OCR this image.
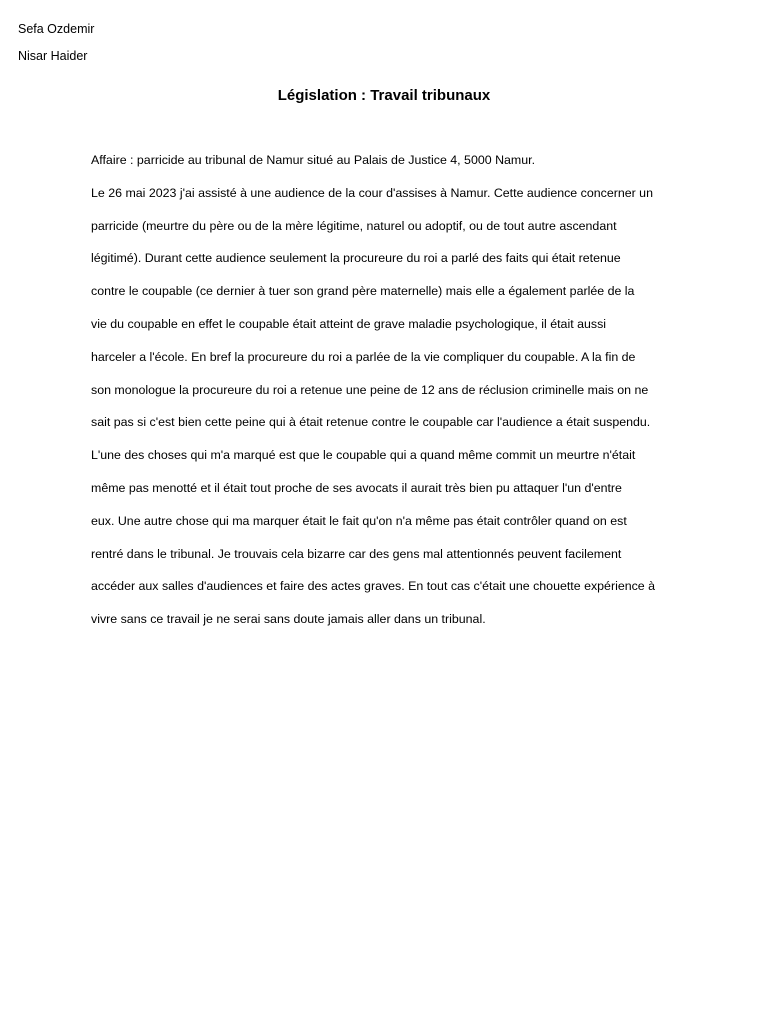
Sefa Ozdemir
Nisar Haider
Législation : Travail tribunaux
Affaire : parricide au tribunal de Namur situé au Palais de Justice 4, 5000 Namur.
Le 26 mai 2023 j'ai assisté à une audience de la cour d'assises à Namur. Cette audience concerner un
parricide (meurtre du père ou de la mère légitime, naturel ou adoptif, ou de tout autre ascendant
légitimé). Durant cette audience seulement la procureure du roi a parlé des faits qui était retenue
contre le coupable (ce dernier à tuer son grand père maternelle) mais elle a également parlée de la
vie du coupable en effet le coupable était atteint de grave maladie psychologique, il était aussi
harceler a l'école. En bref la procureure du roi a parlée de la vie compliquer du coupable. A la fin de
son monologue la procureure du roi a retenue une peine de 12 ans de réclusion criminelle mais on ne
sait pas si c'est bien cette peine qui à était retenue contre le coupable car l'audience a était suspendu.
L'une des choses qui m'a marqué est que le coupable qui a quand même commit un meurtre n'était
même pas menotté et il était tout proche de ses avocats il aurait très bien pu attaquer l'un d'entre
eux. Une autre chose qui ma marquer était le fait qu'on n'a même pas était contrôler quand on est
rentré dans le tribunal. Je trouvais cela bizarre car des gens mal attentionnés peuvent facilement
accéder aux salles d'audiences et faire des actes graves. En tout cas c'était une chouette expérience à
vivre sans ce travail je ne serai sans doute jamais aller dans un tribunal.
